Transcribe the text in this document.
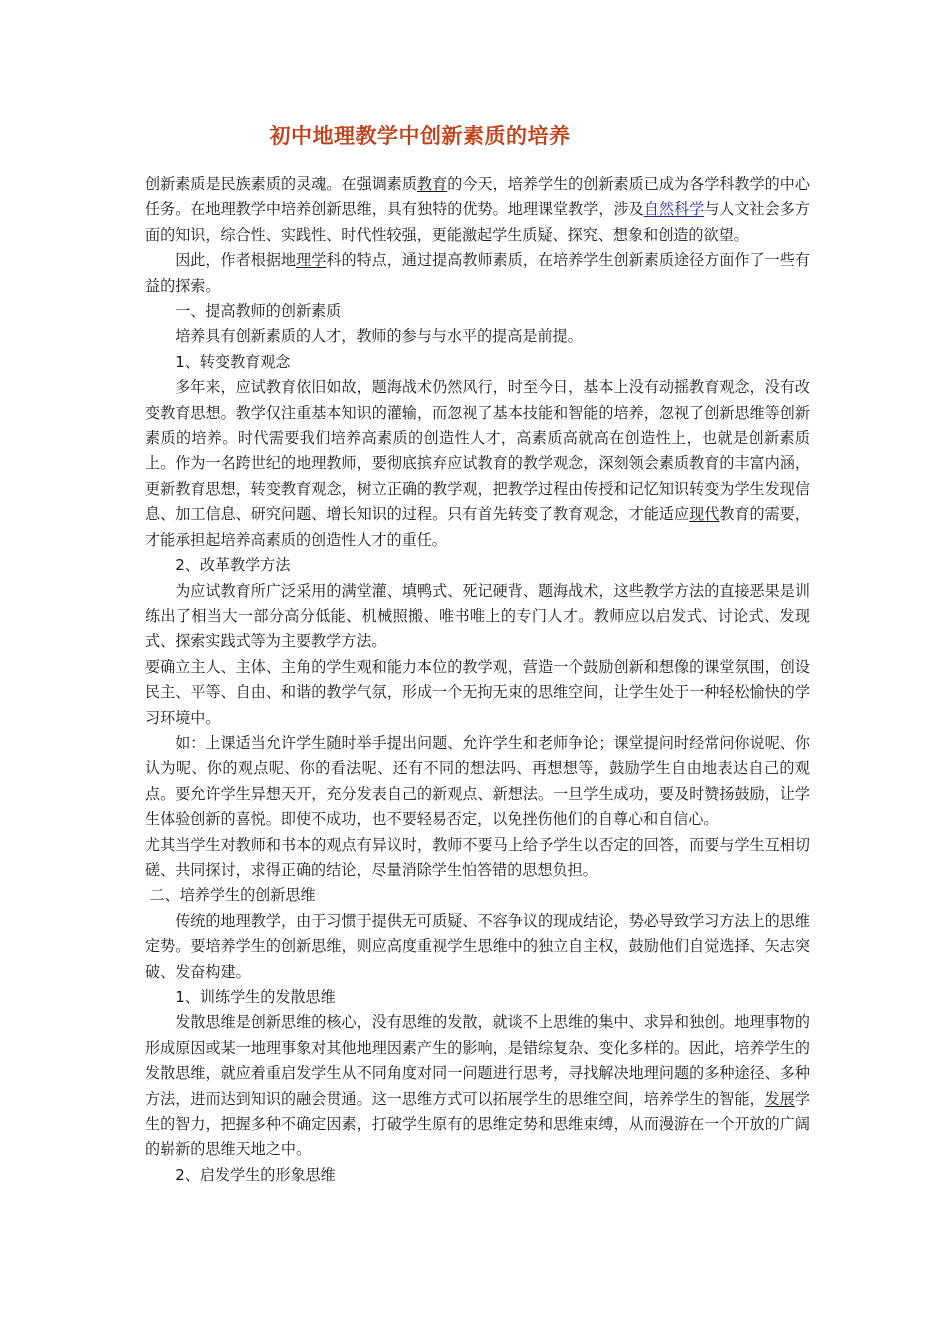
初中地理教学中创新素质的培养

创新素质是民族素质的灵魂。在强调素质教育的今天，培养学生的创新素质已成为各学科教学的中心任务。在地理教学中培养创新思维，具有独特的优势。地理课堂教学，涉及自然科学与人文社会多方面的知识，综合性、实践性、时代性较强，更能激起学生质疑、探究、想象和创造的欲望。

因此，作者根据地理学科的特点，通过提高教师素质，在培养学生创新素质途径方面作了一些有益的探索。

一、提高教师的创新素质

培养具有创新素质的人才，教师的参与与水平的提高是前提。

1、转变教育观念

多年来，应试教育依旧如故，题海战术仍然风行，时至今日，基本上没有动摇教育观念，没有改变教育思想。教学仅注重基本知识的灌输，而忽视了基本技能和智能的培养，忽视了创新思维等创新素质的培养。时代需要我们培养高素质的创造性人才，高素质高就高在创造性上，也就是创新素质上。作为一名跨世纪的地理教师，要彻底摈弃应试教育的教学观念，深刻领会素质教育的丰富内涵，更新教育思想，转变教育观念，树立正确的教学观，把教学过程由传授和记忆知识转变为学生发现信息、加工信息、研究问题、增长知识的过程。只有首先转变了教育观念，才能适应现代教育的需要，才能承担起培养高素质的创造性人才的重任。

2、改革教学方法

为应试教育所广泛采用的满堂灌、填鸭式、死记硬背、题海战术，这些教学方法的直接恶果是训练出了相当大一部分高分低能、机械照搬、唯书唯上的专门人才。教师应以启发式、讨论式、发现式、探索实践式等为主要教学方法。

要确立主人、主体、主角的学生观和能力本位的教学观，营造一个鼓励创新和想像的课堂氛围，创设民主、平等、自由、和谐的教学气氛，形成一个无拘无束的思维空间，让学生处于一种轻松愉快的学习环境中。

如：上课适当允许学生随时举手提出问题、允许学生和老师争论；课堂提问时经常问你说呢、你认为呢、你的观点呢、你的看法呢、还有不同的想法吗、再想想等，鼓励学生自由地表达自己的观点。要允许学生异想天开，充分发表自己的新观点、新想法。一旦学生成功，要及时赞扬鼓励，让学生体验创新的喜悦。即使不成功，也不要轻易否定，以免挫伤他们的自尊心和自信心。

尤其当学生对教师和书本的观点有异议时，教师不要马上给予学生以否定的回答，而要与学生互相切磋、共同探讨，求得正确的结论，尽量消除学生怕答错的思想负担。

二、培养学生的创新思维

传统的地理教学，由于习惯于提供无可质疑、不容争议的现成结论，势必导致学习方法上的思维定势。要培养学生的创新思维，则应高度重视学生思维中的独立自主权，鼓励他们自觉选择、矢志突破、发奋构建。

1、训练学生的发散思维

发散思维是创新思维的核心，没有思维的发散，就谈不上思维的集中、求异和独创。地理事物的形成原因或某一地理事象对其他地理因素产生的影响，是错综复杂、变化多样的。因此，培养学生的发散思维，就应着重启发学生从不同角度对同一问题进行思考，寻找解决地理问题的多种途径、多种方法，进而达到知识的融会贯通。这一思维方式可以拓展学生的思维空间，培养学生的智能，发展学生的智力，把握多种不确定因素，打破学生原有的思维定势和思维束缚，从而漫游在一个开放的广阔的崭新的思维天地之中。

2、启发学生的形象思维
